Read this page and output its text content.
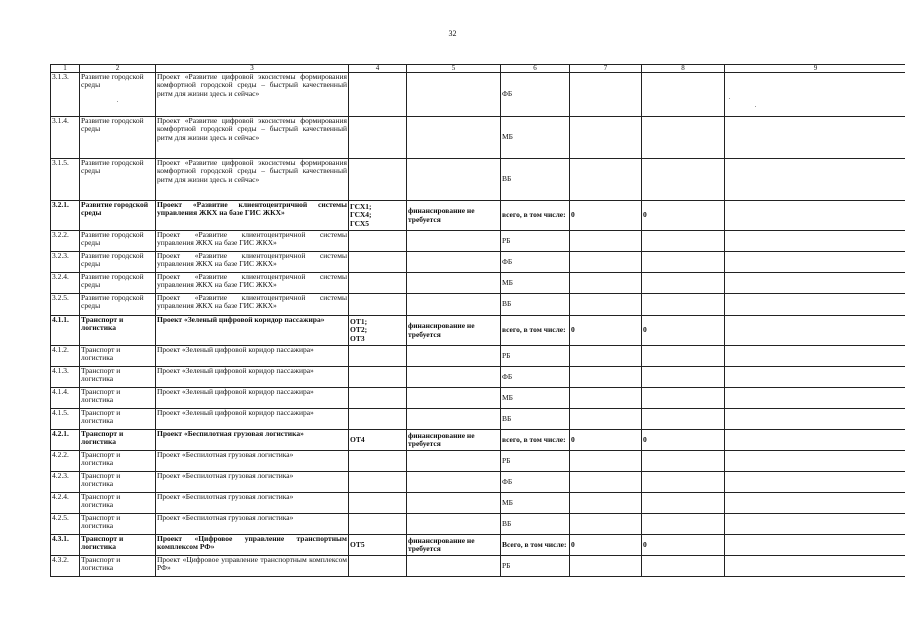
32
1	2	3	4	5	6	7	8	9
3.1.3.	Развитие городской среды	Проект «Развитие цифровой экосистемы формирования комфортной городской среды – быстрый качественный ритм для жизни здесь и сейчас»			ФБ			
3.1.4.	Развитие городской среды	Проект «Развитие цифровой экосистемы формирования комфортной городской среды – быстрый качественный ритм для жизни здесь и сейчас»			МБ			
3.1.5.	Развитие городской среды	Проект «Развитие цифровой экосистемы формирования комфортной городской среды – быстрый качественный ритм для жизни здесь и сейчас»			ВБ			
3.2.1.	Развитие городской среды	Проект «Развитие клиентоцентричной системы управления ЖКХ на базе ГИС ЖКХ»	ГСХ1;
ГСХ4;
ГСХ5	финансирование не требуется	всего, в том числе:	0	0	
3.2.2.	Развитие городской среды	Проект «Развитие клиентоцентричной системы управления ЖКХ на базе ГИС ЖКХ»			РБ			
3.2.3.	Развитие городской среды	Проект «Развитие клиентоцентричной системы управления ЖКХ на базе ГИС ЖКХ»			ФБ			
3.2.4.	Развитие городской среды	Проект «Развитие клиентоцентричной системы управления ЖКХ на базе ГИС ЖКХ»			МБ			
3.2.5.	Развитие городской среды	Проект «Развитие клиентоцентричной системы управления ЖКХ на базе ГИС ЖКХ»			ВБ			
4.1.1.	Транспорт и логистика	Проект «Зеленый цифровой коридор пассажира»	ОТ1;
ОТ2;
ОТ3	финансирование не требуется	всего, в том числе:	0	0	
4.1.2.	Транспорт и логистика	Проект «Зеленый цифровой коридор пассажира»			РБ			
4.1.3.	Транспорт и логистика	Проект «Зеленый цифровой коридор пассажира»			ФБ			
4.1.4.	Транспорт и логистика	Проект «Зеленый цифровой коридор пассажира»			МБ			
4.1.5.	Транспорт и логистика	Проект «Зеленый цифровой коридор пассажира»			ВБ			
4.2.1.	Транспорт и логистика	Проект «Беспилотная грузовая логистика»	ОТ4	финансирование не требуется	всего, в том числе:	0	0	
4.2.2.	Транспорт и логистика	Проект «Беспилотная грузовая логистика»			РБ			
4.2.3.	Транспорт и логистика	Проект «Беспилотная грузовая логистика»			ФБ			
4.2.4.	Транспорт и логистика	Проект «Беспилотная грузовая логистика»			МБ			
4.2.5.	Транспорт и логистика	Проект «Беспилотная грузовая логистика»			ВБ			
4.3.1.	Транспорт и логистика	Проект «Цифровое управление транспортным комплексом РФ»	ОТ5	финансирование не требуется	Всего, в том числе:	0	0	
4.3.2.	Транспорт и логистика	Проект «Цифровое управление транспортным комплексом РФ»			РБ			
